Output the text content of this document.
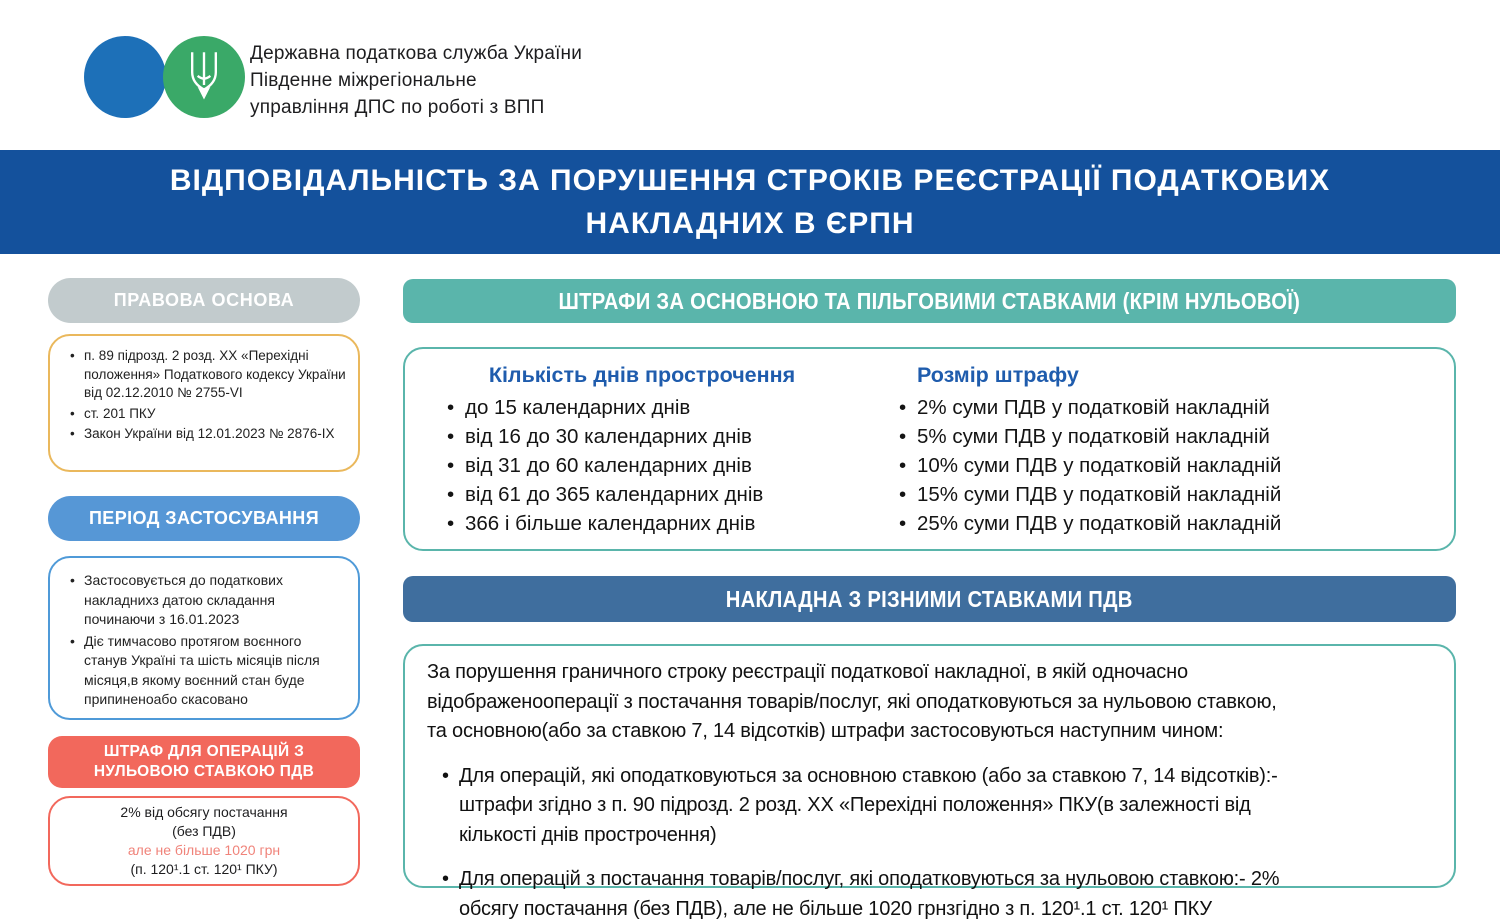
Державна податкова служба України
Південне міжрегіональне
управління ДПС по роботі з ВПП
ВІДПОВІДАЛЬНІСТЬ ЗА ПОРУШЕННЯ СТРОКІВ РЕЄСТРАЦІЇ ПОДАТКОВИХ
НАКЛАДНИХ В ЄРПН
ПРАВОВА ОСНОВА
• п. 89 підрозд. 2 розд. XX «Перехідні положення» Податкового кодексу України від 02.12.2010 № 2755-VI
• ст. 201 ПКУ
• Закон України від 12.01.2023 № 2876-IX
ПЕРІОД ЗАСТОСУВАННЯ
• Застосовується до податкових накладнихз датою складання починаючи з 16.01.2023
• Діє тимчасово протягом воєнного станув Україні та шість місяців після місяця,в якому воєнний стан буде припиненоабо скасовано
ШТРАФ ДЛЯ ОПЕРАЦІЙ З
НУЛЬОВОЮ СТАВКОЮ ПДВ
2% від обсягу постачання
(без ПДВ)
але не більше 1020 грн
(п. 120¹.1 ст. 120¹ ПКУ)
ШТРАФИ ЗА ОСНОВНОЮ ТА ПІЛЬГОВИМИ СТАВКАМИ (КРІМ НУЛЬОВОЇ)
Кількість днів прострочення
• до 15 календарних днів
• від 16 до 30 календарних днів
• від 31 до 60 календарних днів
• від 61 до 365 календарних днів
• 366 і більше календарних днів
Розмір штрафу
• 2% суми ПДВ у податковій накладній
• 5% суми ПДВ у податковій накладній
• 10% суми ПДВ у податковій накладній
• 15% суми ПДВ у податковій накладній
• 25% суми ПДВ у податковій накладній
НАКЛАДНА З РІЗНИМИ СТАВКАМИ ПДВ
За порушення граничного строку реєстрації податкової накладної, в якій одночасно
відображенооперації з постачання товарів/послуг, які оподатковуються за нульовою ставкою,
та основною(або за ставкою 7, 14 відсотків) штрафи застосовуються наступним чином:
• Для операцій, які оподатковуються за основною ставкою (або за ставкою 7, 14 відсотків):-
штрафи згідно з п. 90 підрозд. 2 розд. XX «Перехідні положення» ПКУ(в залежності від
кількості днів прострочення)
• Для операцій з постачання товарів/послуг, які оподатковуються за нульовою ставкою:- 2%
обсягу постачання (без ПДВ), але не більше 1020 грнзгідно з п. 120¹.1 ст. 120¹ ПКУ
